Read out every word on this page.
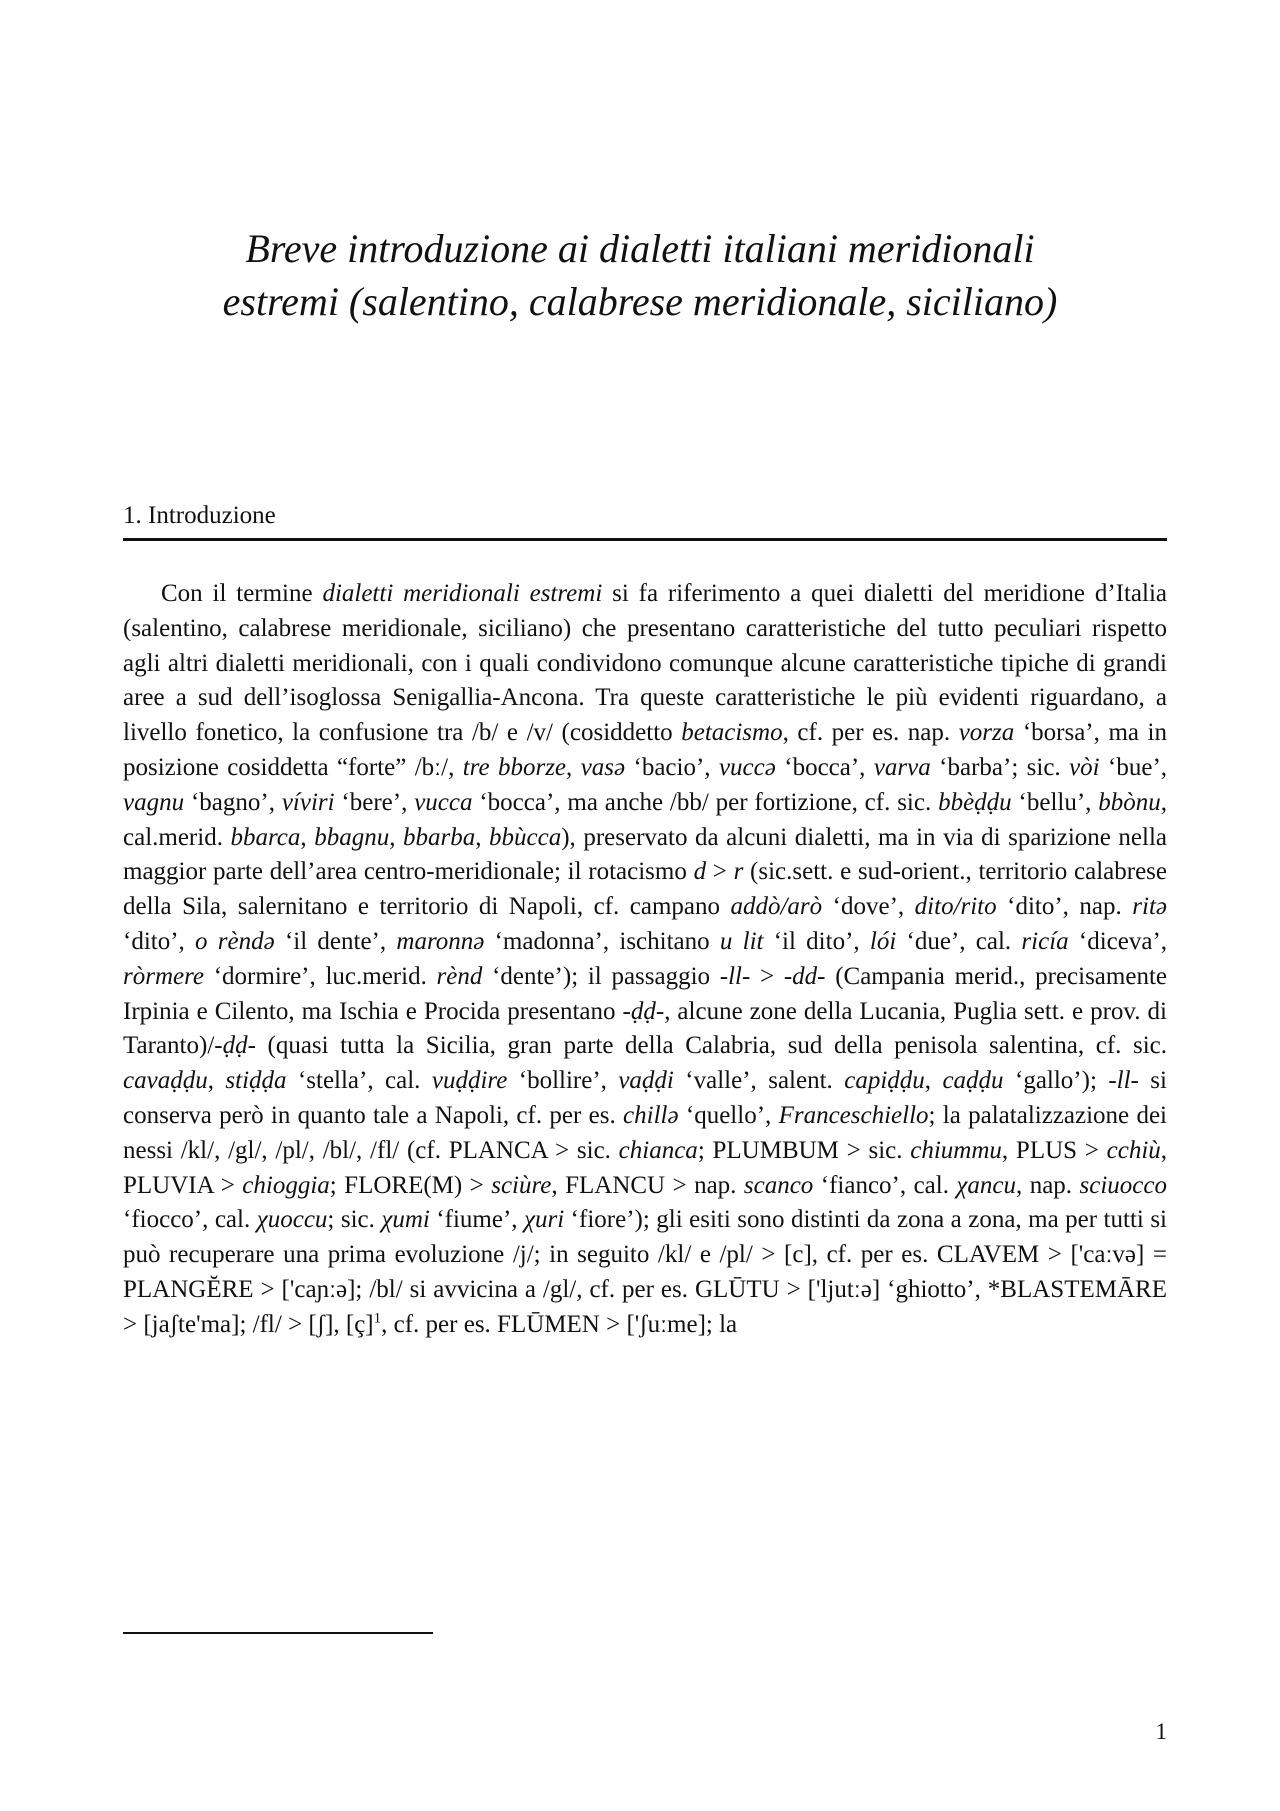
Breve introduzione ai dialetti italiani meridionali
estremi (salentino, calabrese meridionale, siciliano)
1. Introduzione

Con il termine dialetti meridionali estremi si fa riferimento a quei dialetti del meridione d’Italia (salentino, calabrese meridionale, siciliano) che presentano caratteristiche del tutto peculiari rispetto agli altri dialetti meridionali, con i quali condividono comunque alcune caratteristiche tipiche di grandi aree a sud dell’isoglossa Senigallia-Ancona. Tra queste caratteristiche le più evidenti riguardano, a livello fonetico, la confusione tra /b/ e /v/ (cosiddetto betacismo, cf. per es. nap. vorza ‘borsa’, ma in posizione cosiddetta “forte” /bː/, tre bborze, vasə ‘bacio’, vuccə ‘bocca’, varva ‘barba’; sic. vòi ‘bue’, vagnu ‘bagno’, víviri ‘bere’, vucca ‘bocca’, ma anche /bb/ per fortizione, cf. sic. bbèḍḍu ‘bellu’, bbònu, cal.merid. bbarca, bbagnu, bbarba, bbùcca), preservato da alcuni dialetti, ma in via di sparizione nella maggior parte dell’area centro-meridionale; il rotacismo d > r (sic.sett. e sud-orient., territorio calabrese della Sila, salernitano e territorio di Napoli, cf. campano addò/arò ‘dove’, dito/rito ‘dito’, nap. ritə ‘dito’, o rèndə ‘il dente’, maronnə ‘madonna’, ischitano u lit ‘il dito’, lói ‘due’, cal. ricía ‘diceva’, ròrmere ‘dormire’, luc.merid. rènd ‘dente’); il passaggio -ll- > -dd- (Campania merid., precisamente Irpinia e Cilento, ma Ischia e Procida presentano -ḍḍ-, alcune zone della Lucania, Puglia sett. e prov. di Taranto)/-ḍḍ- (quasi tutta la Sicilia, gran parte della Calabria, sud della penisola salentina, cf. sic. cavaḍḍu, stiḍḍa ‘stella’, cal. vuḍḍire ‘bollire’, vaḍḍi ‘valle’, salent. capiḍḍu, caḍḍu ‘gallo’); -ll- si conserva però in quanto tale a Napoli, cf. per es. chillə ‘quello’, Franceschiello; la palatalizzazione dei nessi /kl/, /gl/, /pl/, /bl/, /fl/ (cf. PLANCA > sic. chianca; PLUMBUM > sic. chiummu, PLUS > cchiù, PLUVIA > chioggia; FLORE(M) > sciùre, FLANCU > nap. scanco ‘fianco’, cal. χancu, nap. sciuocco ‘fiocco’, cal. χuoccu; sic. χumi ‘fiume’, χuri ‘fiore’); gli esiti sono distinti da zona a zona, ma per tutti si può recuperare una prima evoluzione /j/; in seguito /kl/ e /pl/ > [c], cf. per es. CLAVEM > ['caːvə] = PLANGĔRE > ['caɲːə]; /bl/ si avvicina a /gl/, cf. per es. GLŪTU > ['ljutːə] ‘ghiotto’, *BLASTEMĀRE > [jaʃte'ma]; /fl/ > [ʃ], [ç]$^1$, cf. per es. FLŪMEN > ['ʃuːme]; la

1
